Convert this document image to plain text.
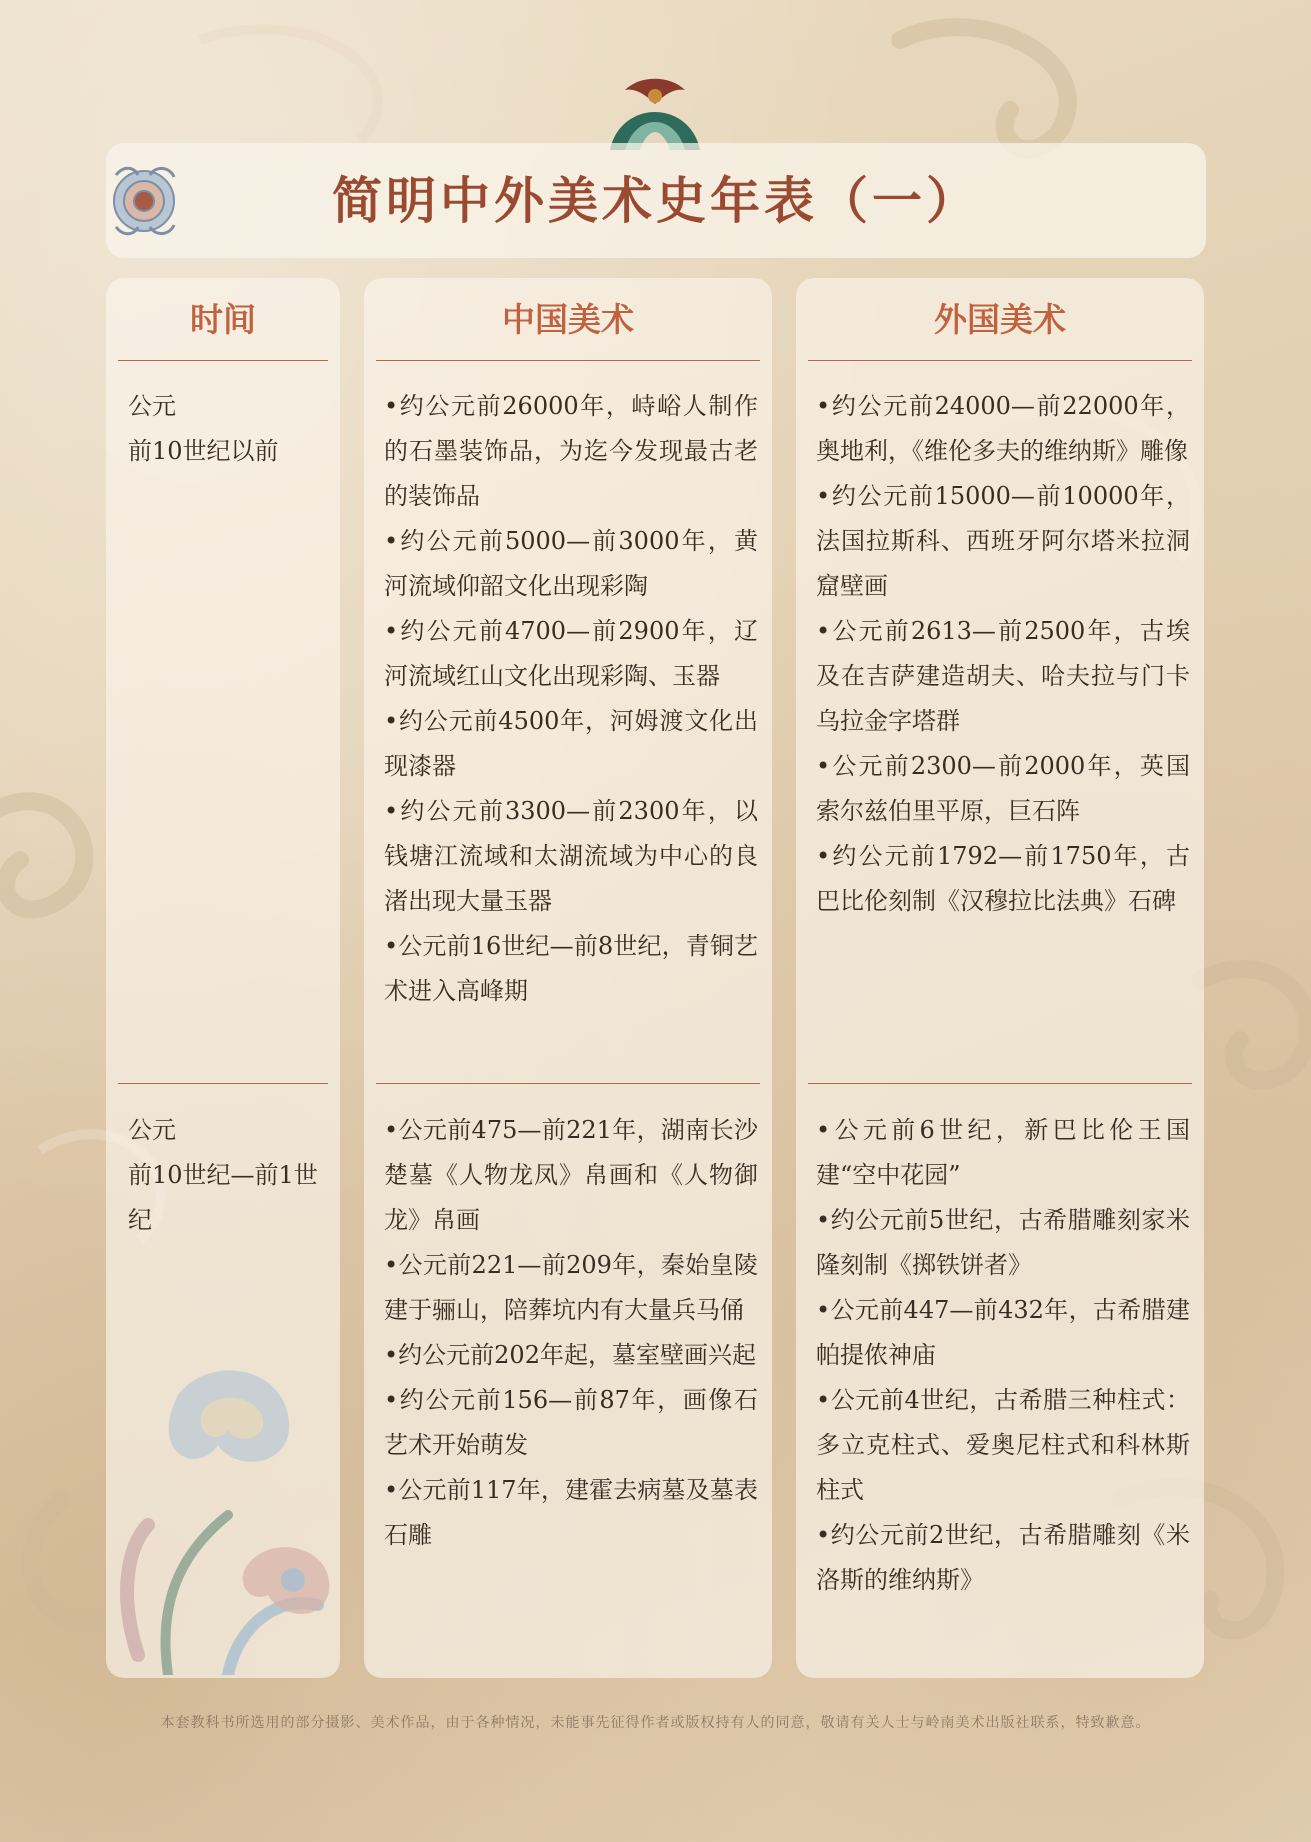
简明中外美术史年表（一）
时间
公元
前10世纪以前
公元
前10世纪—前1世纪
中国美术

•约公元前26000年，峙峪人制作的石墨装饰品，为迄今发现最古老的装饰品

•约公元前5000—前3000年，黄河流域仰韶文化出现彩陶

•约公元前4700—前2900年，辽河流域红山文化出现彩陶、玉器

•约公元前4500年，河姆渡文化出现漆器

•约公元前3300—前2300年，以钱塘江流域和太湖流域为中心的良渚出现大量玉器

•公元前16世纪—前8世纪，青铜艺术进入高峰期

•公元前475—前221年，湖南长沙楚墓《人物龙凤》帛画和《人物御龙》帛画

•公元前221—前209年，秦始皇陵建于骊山，陪葬坑内有大量兵马俑

•约公元前202年起，墓室壁画兴起

•约公元前156—前87年，画像石艺术开始萌发

•公元前117年，建霍去病墓及墓表石雕

外国美术

•约公元前24000—前22000年，奥地利，《维伦多夫的维纳斯》雕像

•约公元前15000—前10000年，法国拉斯科、西班牙阿尔塔米拉洞窟壁画

•公元前2613—前2500年，古埃及在吉萨建造胡夫、哈夫拉与门卡乌拉金字塔群

•公元前2300—前2000年，英国索尔兹伯里平原，巨石阵

•约公元前1792—前1750年，古巴比伦刻制《汉穆拉比法典》石碑

•公元前6世纪，新巴比伦王国建“空中花园”

•约公元前5世纪，古希腊雕刻家米隆刻制《掷铁饼者》

•公元前447—前432年，古希腊建帕提侬神庙

•公元前4世纪，古希腊三种柱式：多立克柱式、爱奥尼柱式和科林斯柱式

•约公元前2世纪，古希腊雕刻《米洛斯的维纳斯》

本套教科书所选用的部分摄影、美术作品，由于各种情况，未能事先征得作者或版权持有人的同意，敬请有关人士与岭南美术出版社联系，特致歉意。
